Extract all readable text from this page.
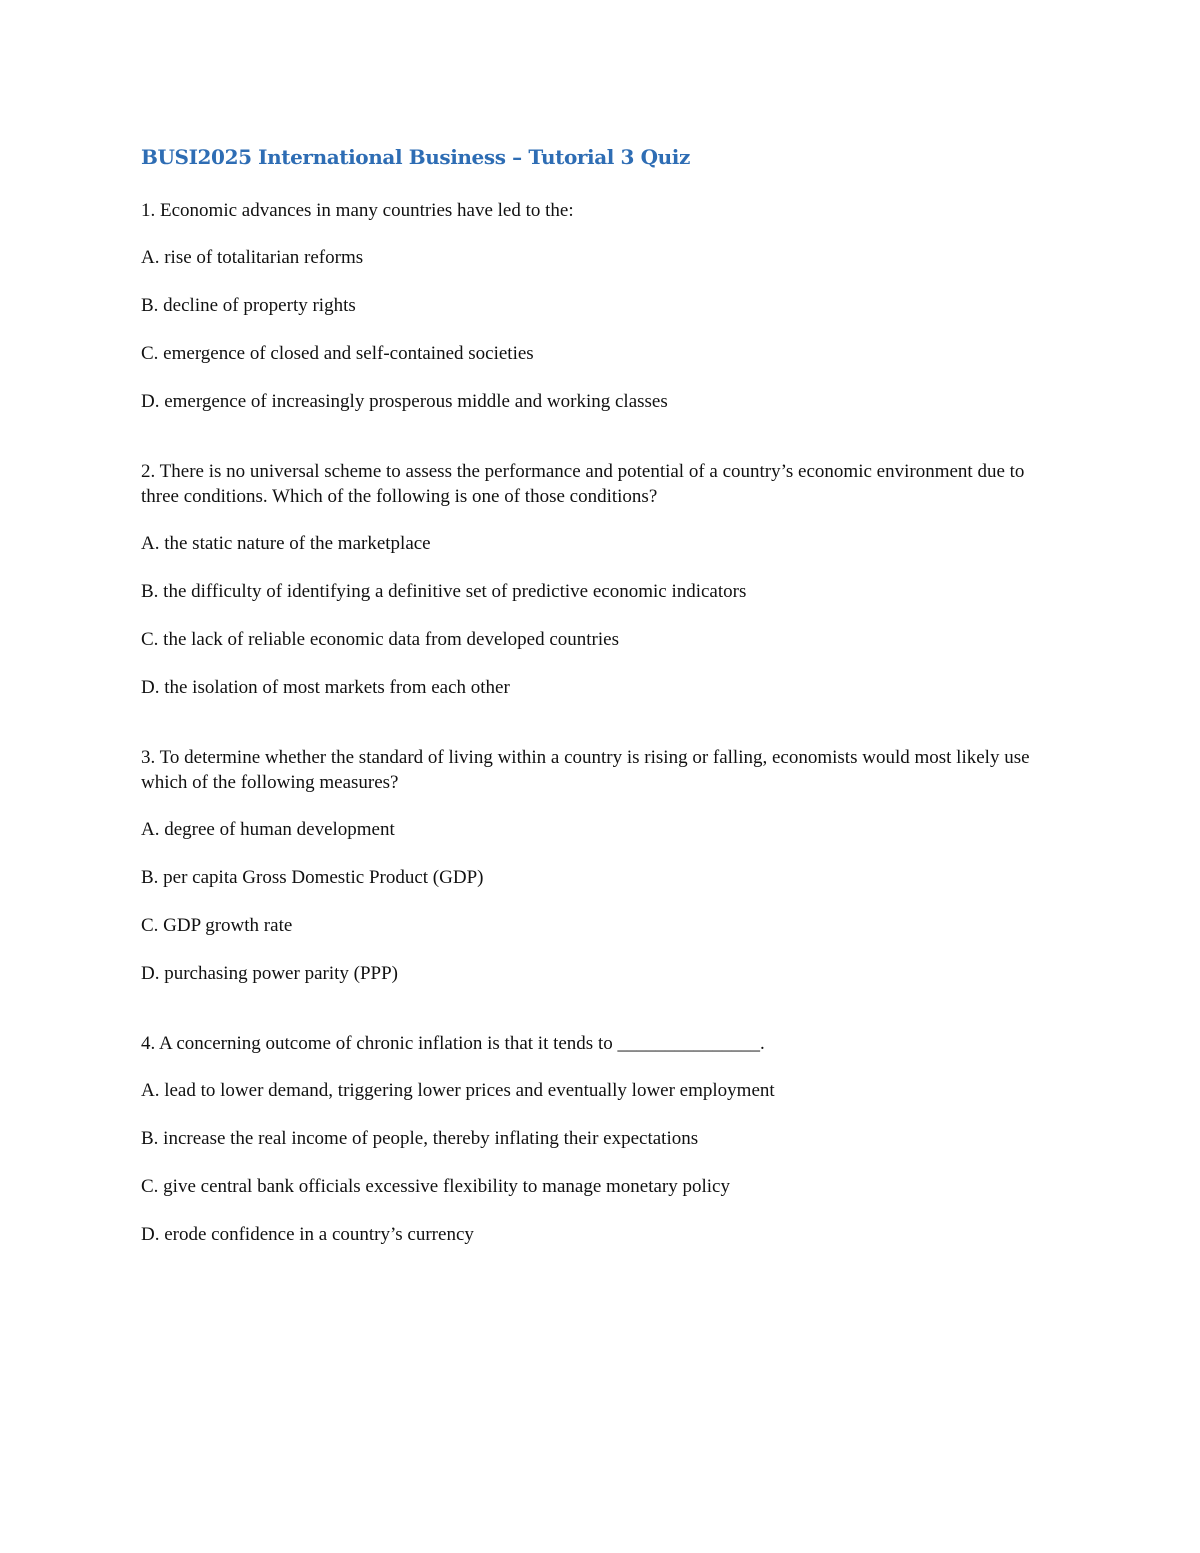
BUSI2025 International Business – Tutorial 3 Quiz

1. Economic advances in many countries have led to the:

A. rise of totalitarian reforms

B. decline of property rights

C. emergence of closed and self-contained societies

D. emergence of increasingly prosperous middle and working classes

2. There is no universal scheme to assess the performance and potential of a country’s economic environment due to three conditions. Which of the following is one of those conditions?

A. the static nature of the marketplace

B. the difficulty of identifying a definitive set of predictive economic indicators

C. the lack of reliable economic data from developed countries

D. the isolation of most markets from each other

3. To determine whether the standard of living within a country is rising or falling, economists would most likely use which of the following measures?

A. degree of human development

B. per capita Gross Domestic Product (GDP)

C. GDP growth rate

D. purchasing power parity (PPP)

4. A concerning outcome of chronic inflation is that it tends to _______________.

A. lead to lower demand, triggering lower prices and eventually lower employment

B. increase the real income of people, thereby inflating their expectations

C. give central bank officials excessive flexibility to manage monetary policy

D. erode confidence in a country’s currency
